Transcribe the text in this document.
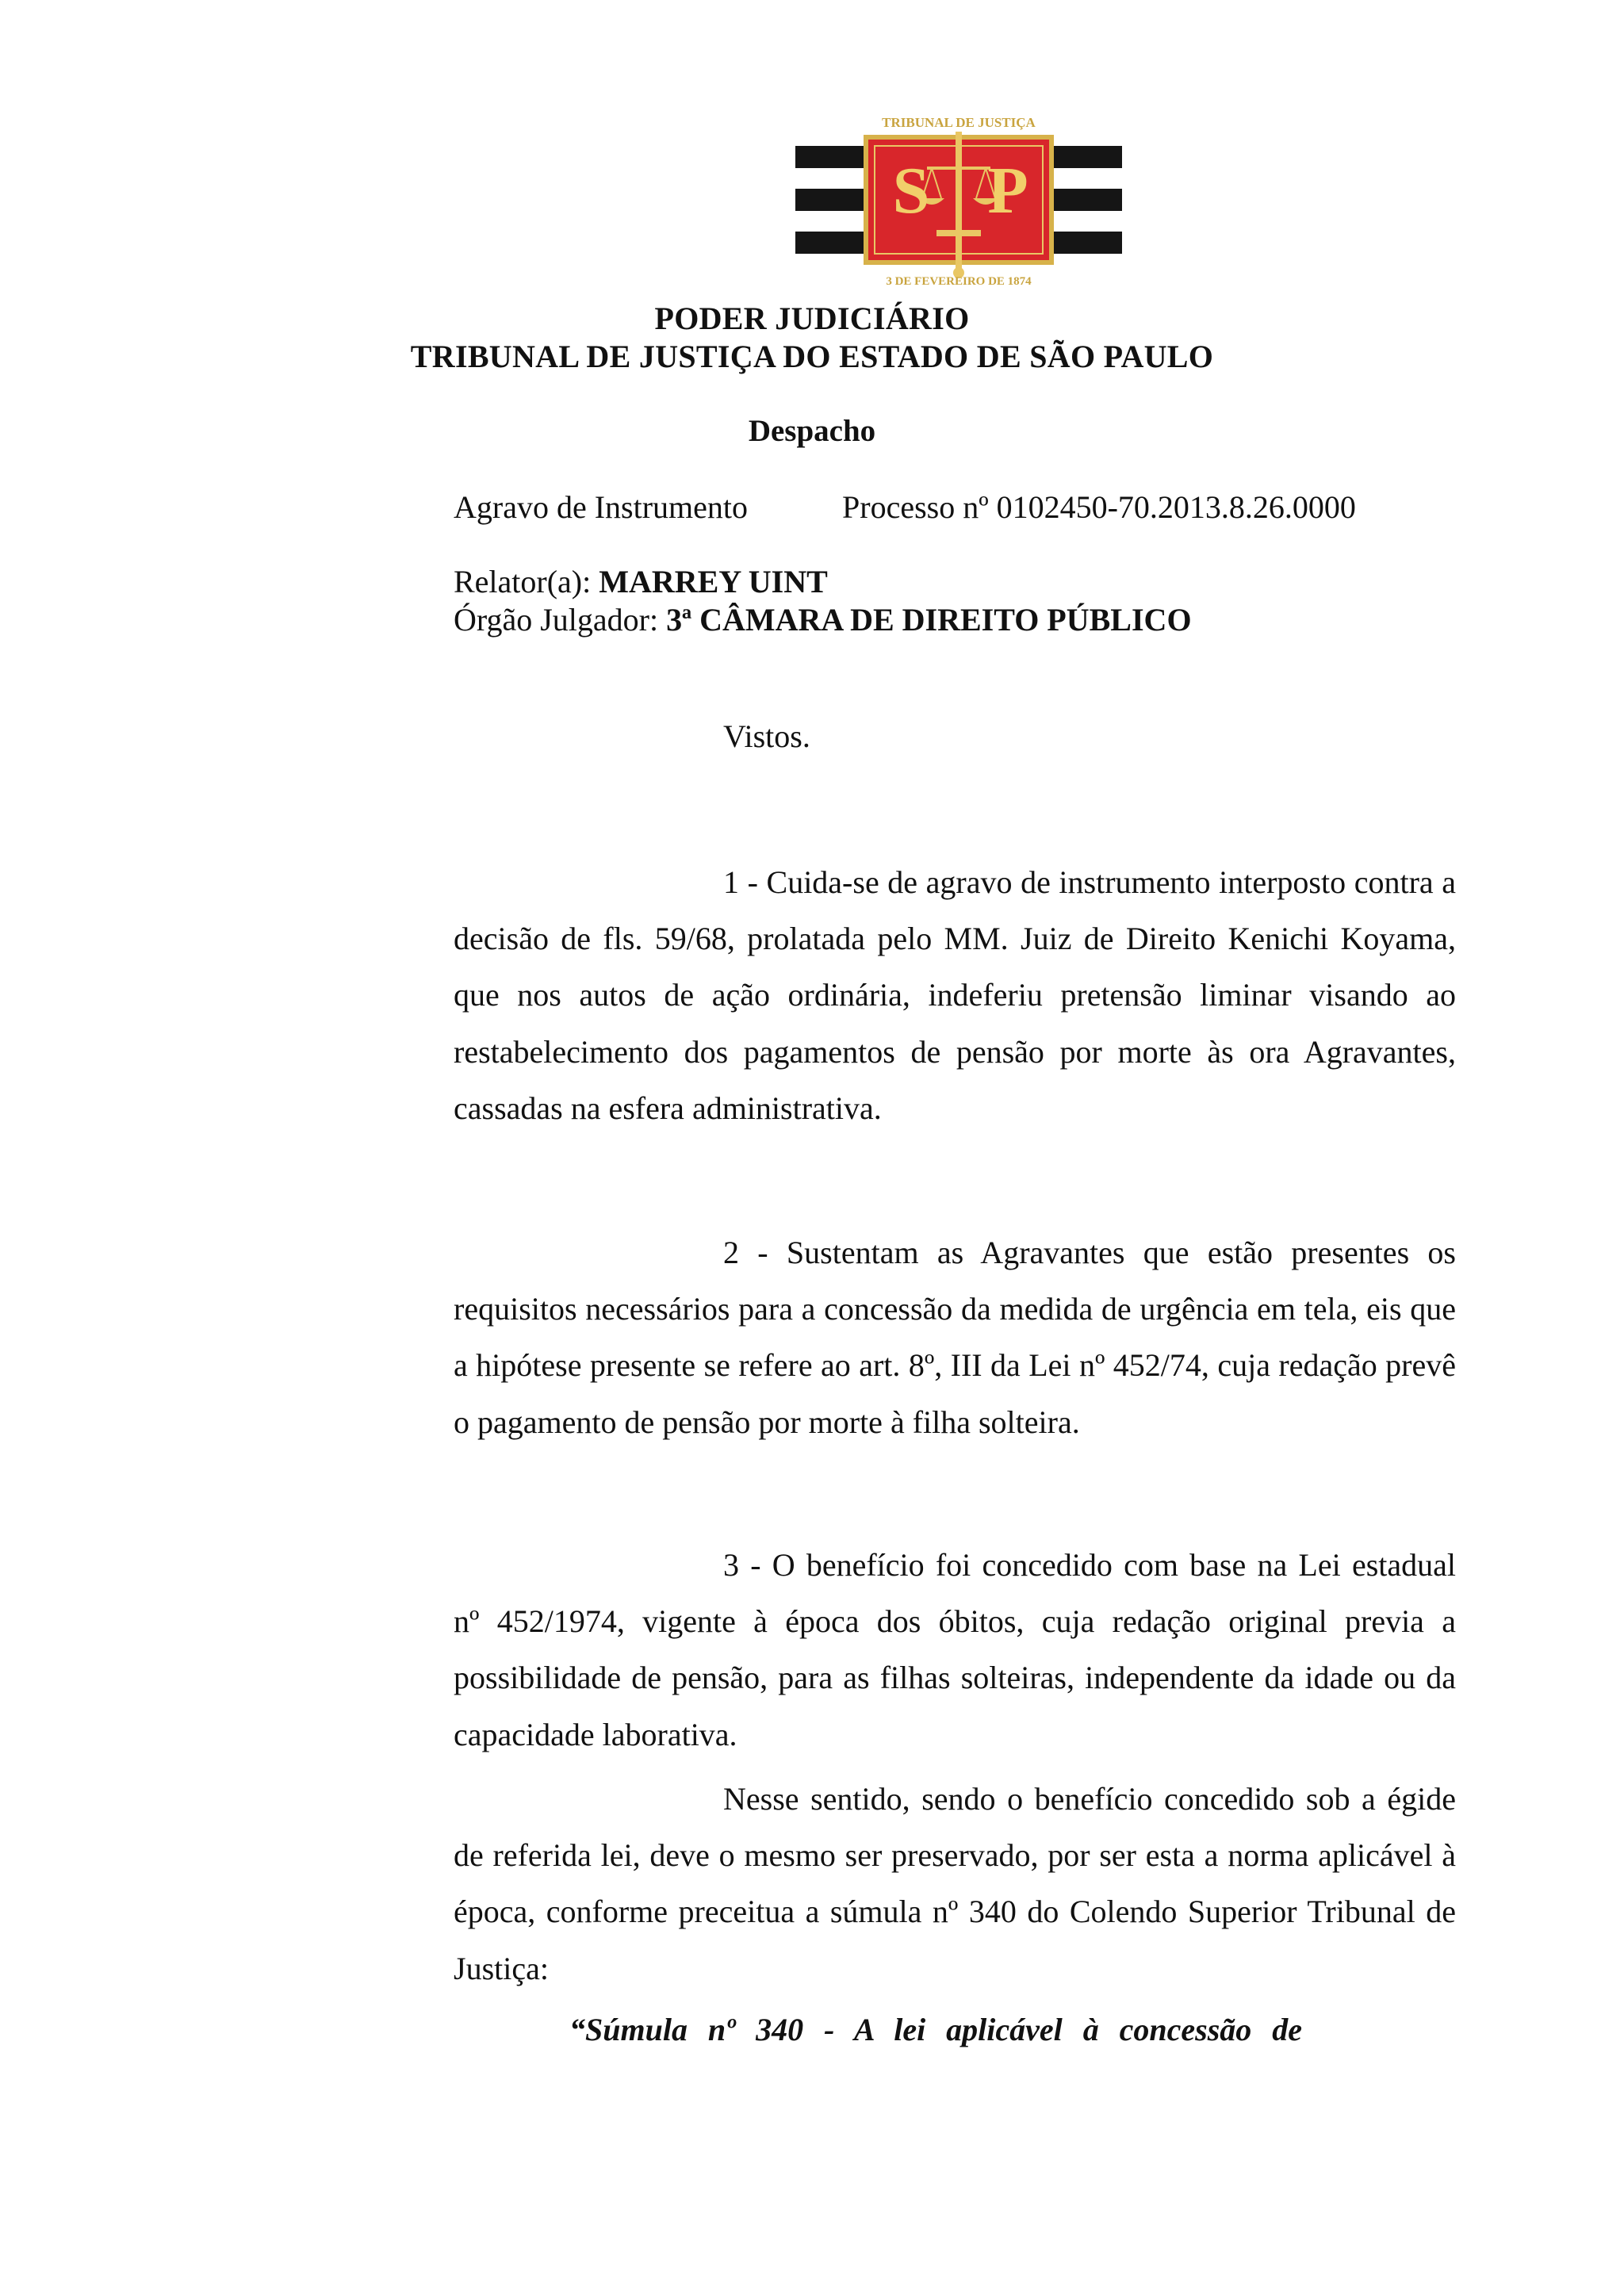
S P
TRIBUNAL DE JUSTIÇA
3 DE FEVEREIRO DE 1874
PODER JUDICIÁRIO
TRIBUNAL DE JUSTIÇA DO ESTADO DE SÃO PAULO
Despacho
Agravo de Instrumento	Processo nº 0102450-70.2013.8.26.0000
Relator(a): MARREY UINT
Órgão Julgador: 3ª CÂMARA DE DIREITO PÚBLICO
Vistos.
1 - Cuida-se de agravo de instrumento interposto contra a decisão de fls. 59/68, prolatada pelo MM. Juiz de Direito Kenichi Koyama, que nos autos de ação ordinária, indeferiu pretensão liminar visando ao restabelecimento dos pagamentos de pensão por morte às ora Agravantes, cassadas na esfera administrativa.
2 - Sustentam as Agravantes que estão presentes os requisitos necessários para a concessão da medida de urgência em tela, eis que a hipótese presente se refere ao art. 8º, III da Lei nº 452/74, cuja redação prevê o pagamento de pensão por morte à filha solteira.
3 - O benefício foi concedido com base na Lei estadual nº 452/1974, vigente à época dos óbitos, cuja redação original previa a possibilidade de pensão, para as filhas solteiras, independente da idade ou da capacidade laborativa.
Nesse sentido, sendo o benefício concedido sob a égide de referida lei, deve o mesmo ser preservado, por ser esta a norma aplicável à época, conforme preceitua a súmula nº 340 do Colendo Superior Tribunal de Justiça:
“Súmula nº 340 - A lei aplicável à concessão de
